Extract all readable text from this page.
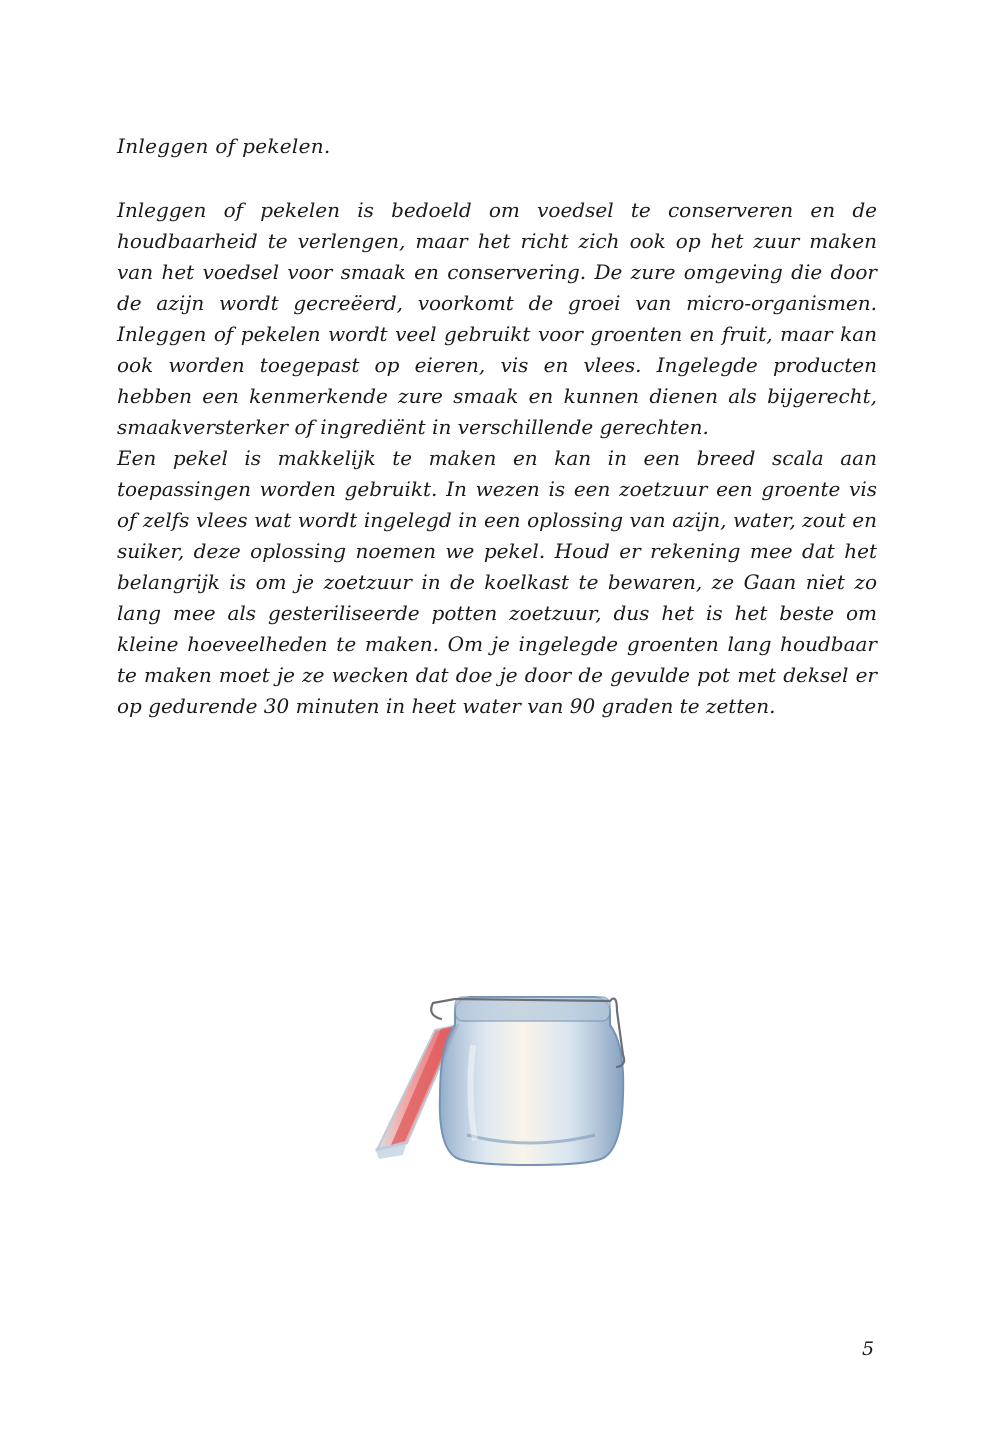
Inleggen of pekelen.

Inleggen of pekelen is bedoeld om voedsel te conserveren en de houdbaarheid te verlengen, maar het richt zich ook op het zuur maken van het voedsel voor smaak en conservering. De zure omgeving die door de azijn wordt gecreëerd, voorkomt de groei van micro-organismen. Inleggen of pekelen wordt veel gebruikt voor groenten en fruit, maar kan ook worden toegepast op eieren, vis en vlees. Ingelegde producten hebben een kenmerkende zure smaak en kunnen dienen als bijgerecht, smaakversterker of ingrediënt in verschillende gerechten.

Een pekel is makkelijk te maken en kan in een breed scala aan toepassingen worden gebruikt. In wezen is een zoetzuur een groente vis of zelfs vlees wat wordt ingelegd in een oplossing van azijn, water, zout en suiker, deze oplossing noemen we pekel. Houd er rekening mee dat het belangrijk is om je zoetzuur in de koelkast te bewaren, ze Gaan niet zo lang mee als gesteriliseerde potten zoetzuur, dus het is het beste om kleine hoeveelheden te maken. Om je ingelegde groenten lang houdbaar te maken moet je ze wecken dat doe je door de gevulde pot met deksel er op gedurende 30 minuten in heet water van 90 graden te zetten.

5
